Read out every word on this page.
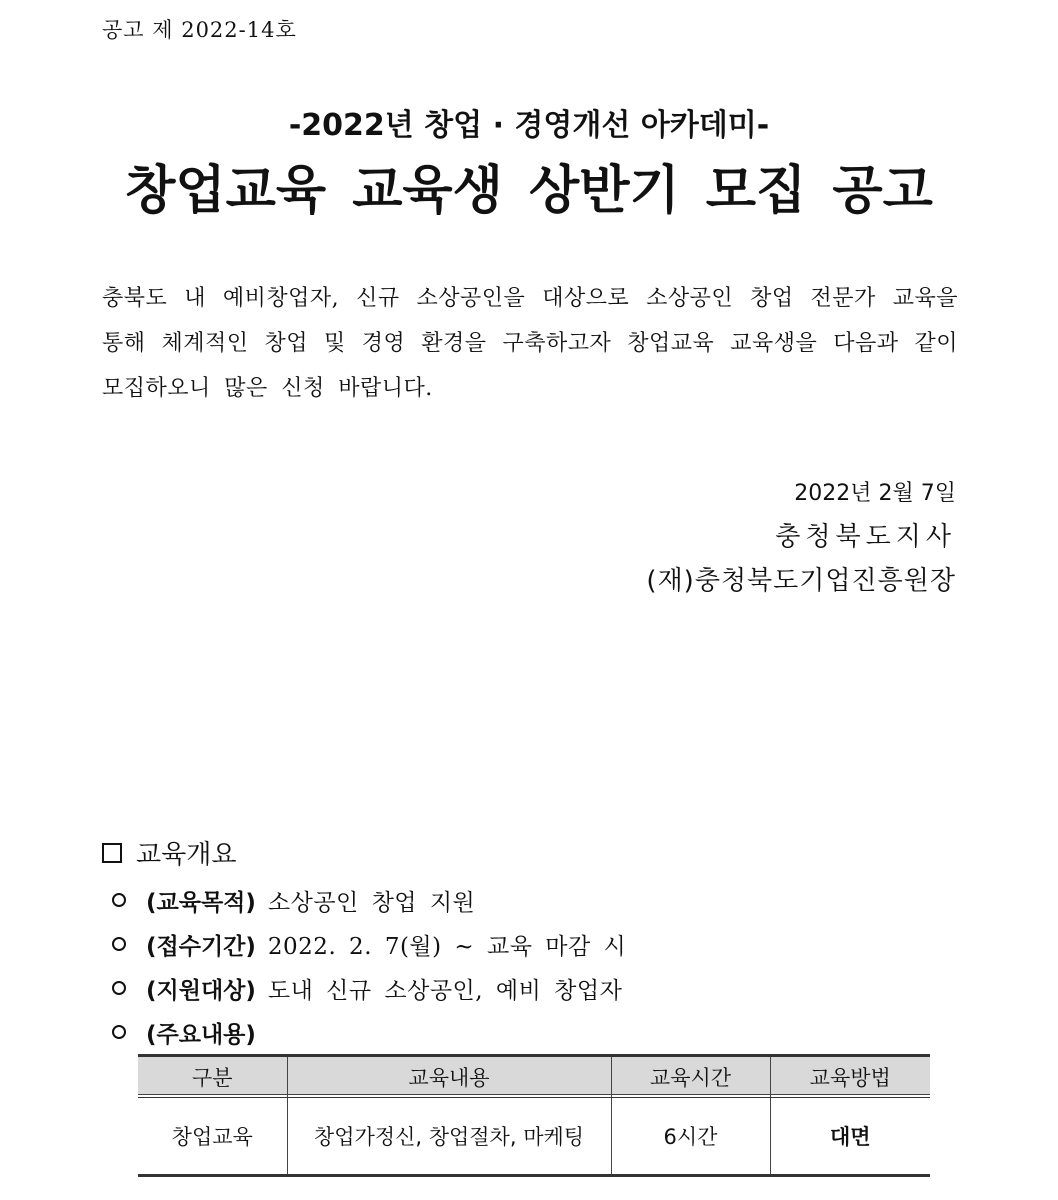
공고 제 2022-14호
-2022년 창업 · 경영개선 아카데미-
창업교육 교육생 상반기 모집 공고

충북도 내 예비창업자, 신규 소상공인을 대상으로 소상공인 창업 전문가 교육을 통해 체계적인 창업 및 경영 환경을 구축하고자 창업교육 교육생을 다음과 같이 모집하오니 많은 신청 바랍니다.

2022년 2월 7일
충청북도지사
(재)충청북도기업진흥원장
교육개요
(교육목적) 소상공인 창업 지원
(접수기간) 2022. 2. 7(월) ~ 교육 마감 시
(지원대상) 도내 신규 소상공인, 예비 창업자
(주요내용)
구분	교육내용	교육시간	교육방법
창업교육	창업가정신, 창업절차, 마케팅	6시간	대면
